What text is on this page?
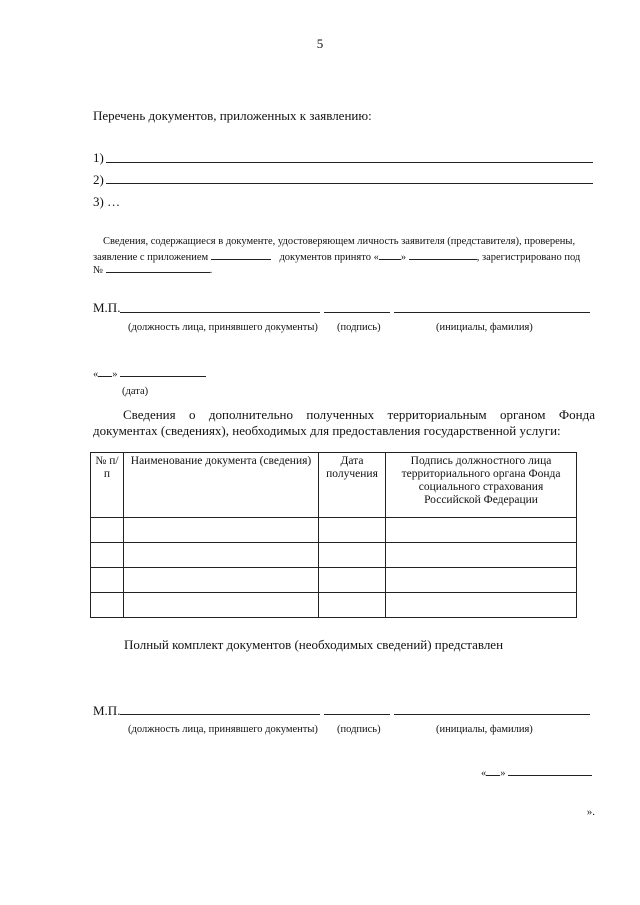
5
Перечень документов, приложенных к заявлению:
1)
2)
3) …
Сведения, содержащиеся в документе, удостоверяющем личность заявителя (представителя), проверены,
заявление с приложением	документов принято « »	, зарегистрировано под
№	.
М.П.
(должность лица, принявшего документы) (подпись)	(инициалы, фамилия)
« »
(дата)
Сведения о дополнительно полученных территориальным органом Фонда документах (сведениях), необходимых для предоставления государственной услуги:
№ п/п	Наименование документа (сведения)	Дата получения	Подпись должностного лица территориального органа Фонда социального страхования Российской Федерации

Полный комплект документов (необходимых сведений) представлен
М.П.
(должность лица, принявшего документы) (подпись)	(инициалы, фамилия)
« »
».
